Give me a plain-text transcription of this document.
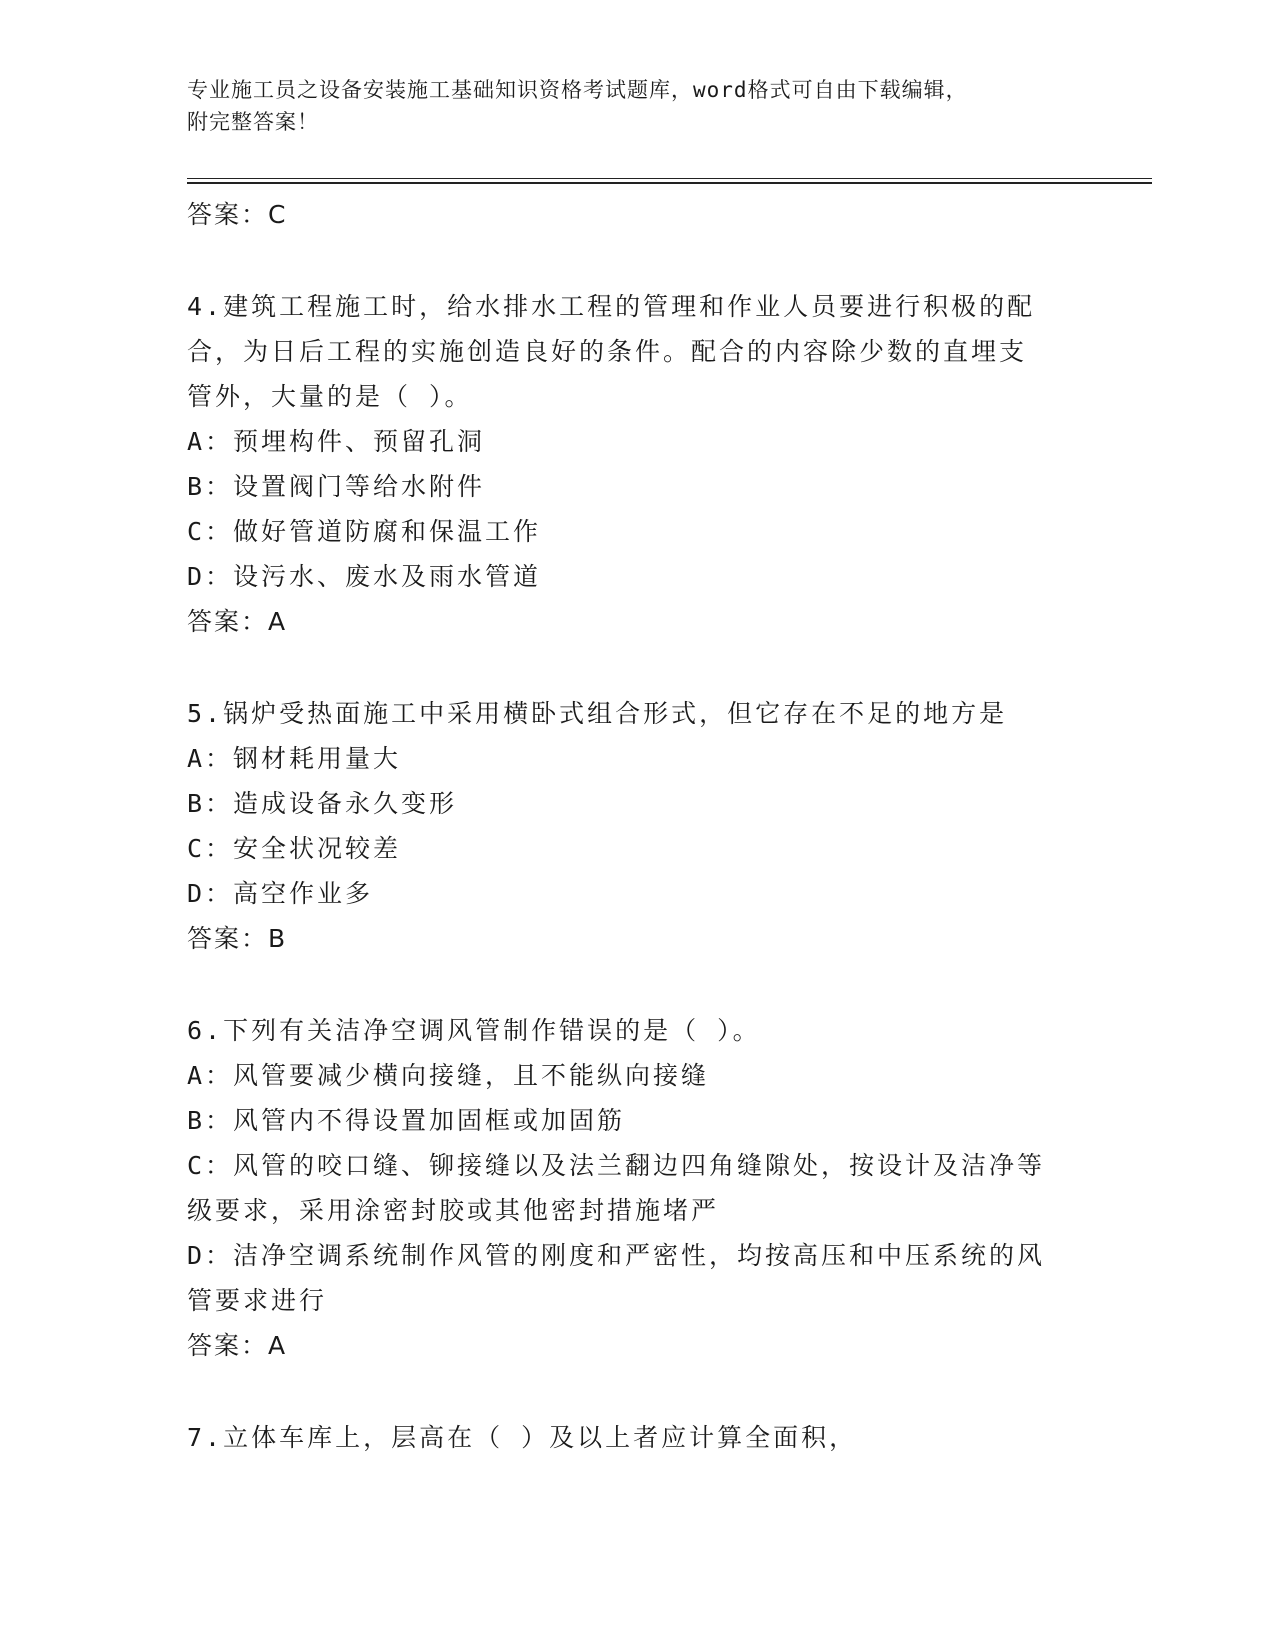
专业施工员之设备安装施工基础知识资格考试题库，word格式可自由下载编辑，
附完整答案！
答案：C
4.建筑工程施工时，给水排水工程的管理和作业人员要进行积极的配
合，为日后工程的实施创造良好的条件。配合的内容除少数的直埋支
管外，大量的是（ ）。
A：预埋构件、预留孔洞
B：设置阀门等给水附件
C：做好管道防腐和保温工作
D：设污水、废水及雨水管道
答案：A
5.锅炉受热面施工中采用横卧式组合形式，但它存在不足的地方是
A：钢材耗用量大
B：造成设备永久变形
C：安全状况较差
D：高空作业多
答案：B
6.下列有关洁净空调风管制作错误的是（ ）。
A：风管要减少横向接缝，且不能纵向接缝
B：风管内不得设置加固框或加固筋
C：风管的咬口缝、铆接缝以及法兰翻边四角缝隙处，按设计及洁净等
级要求，采用涂密封胶或其他密封措施堵严
D：洁净空调系统制作风管的刚度和严密性，均按高压和中压系统的风
管要求进行
答案：A
7.立体车库上，层高在（ ）及以上者应计算全面积，
